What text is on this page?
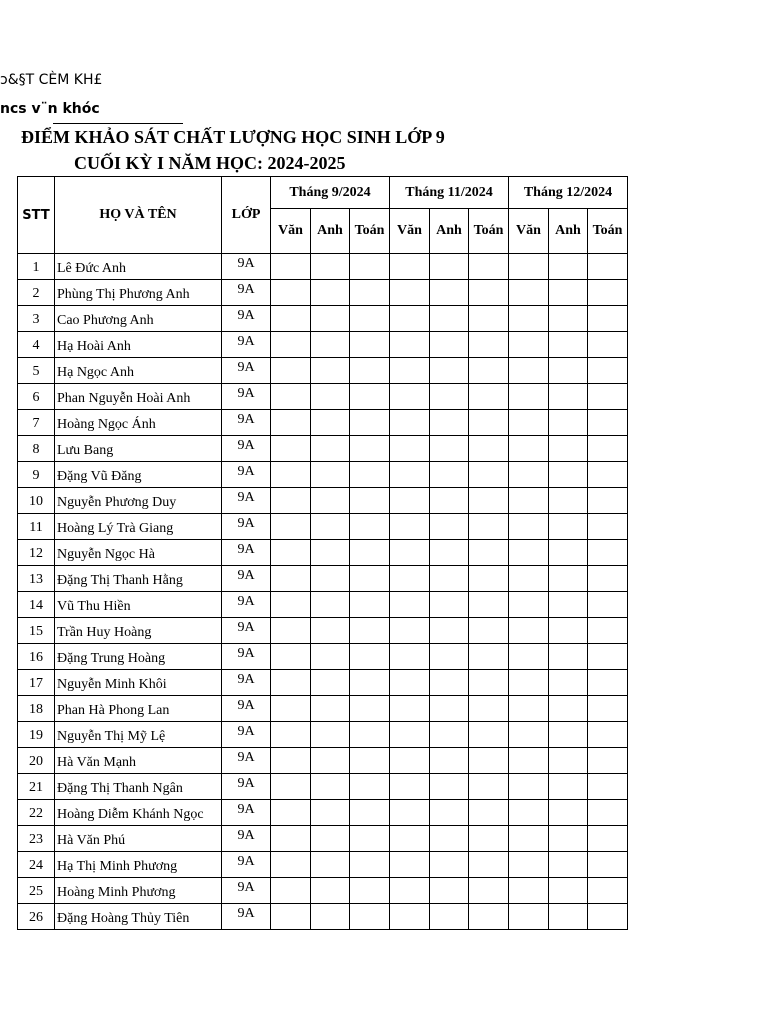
ɔ&§T CÈM KH£
ncs v¨n khóc
ĐIỂM KHẢO SÁT CHẤT LƯỢNG HỌC SINH LỚP 9
CUỐI KỲ I NĂM HỌC: 2024-2025
STT	HỌ VÀ TÊN	LỚP	Tháng 9/2024			Tháng 11/2024			Tháng 12/2024		
			Văn	Anh	Toán	Văn	Anh	Toán	Văn	Anh	Toán
1	Lê Đức Anh	9A									
2	Phùng Thị Phương Anh	9A									
3	Cao Phương Anh	9A									
4	Hạ Hoài Anh	9A									
5	Hạ Ngọc Anh	9A									
6	Phan Nguyễn Hoài Anh	9A									
7	Hoàng Ngọc Ánh	9A									
8	Lưu Bang	9A									
9	Đặng Vũ Đăng	9A									
10	Nguyễn Phương Duy	9A									
11	Hoàng Lý Trà Giang	9A									
12	Nguyễn Ngọc Hà	9A									
13	Đặng Thị Thanh Hằng	9A									
14	Vũ Thu Hiền	9A									
15	Trần Huy Hoàng	9A									
16	Đặng Trung Hoàng	9A									
17	Nguyễn Minh Khôi	9A									
18	Phan Hà Phong Lan	9A									
19	Nguyễn Thị Mỹ Lệ	9A									
20	Hà Văn Mạnh	9A									
21	Đặng Thị Thanh Ngân	9A									
22	Hoàng Diễm Khánh Ngọc	9A									
23	Hà Văn Phú	9A									
24	Hạ Thị Minh Phương	9A									
25	Hoàng Minh Phương	9A									
26	Đặng Hoàng Thủy Tiên	9A									
